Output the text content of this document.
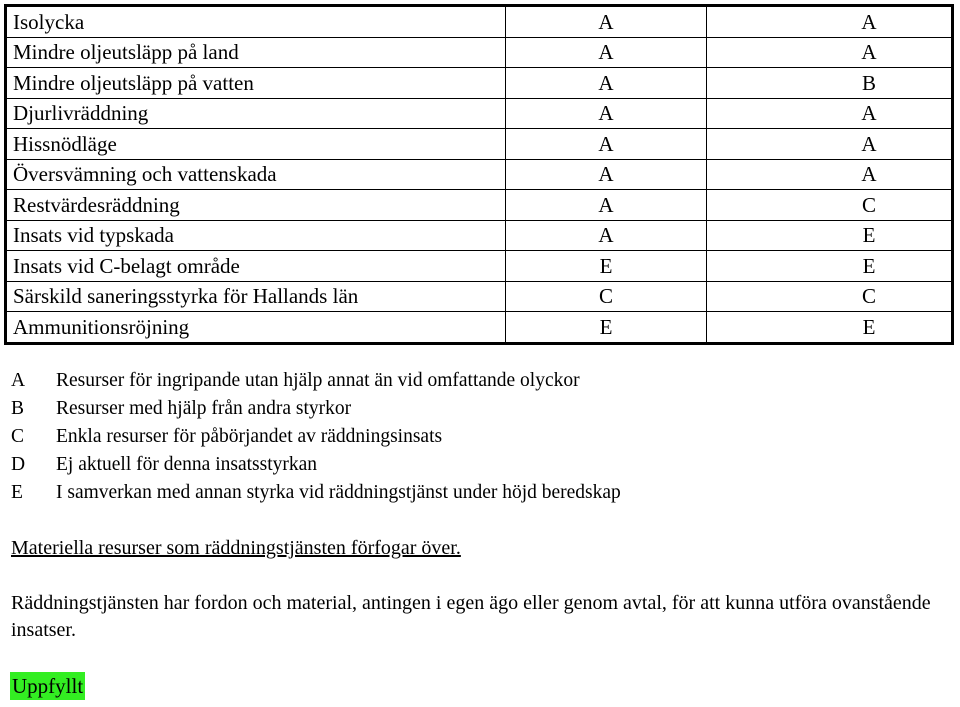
Isolycka	A	A
Mindre oljeutsläpp på land	A	A
Mindre oljeutsläpp på vatten	A	B
Djurlivräddning	A	A
Hissnödläge	A	A
Översvämning och vattenskada	A	A
Restvärdesräddning	A	C
Insats vid typskada	A	E
Insats vid C-belagt område	E	E
Särskild saneringsstyrka för Hallands län	C	C
Ammunitionsröjning	E	E
A	Resurser för ingripande utan hjälp annat än vid omfattande olyckor
B	Resurser med hjälp från andra styrkor
C	Enkla resurser för påbörjandet av räddningsinsats
D	Ej aktuell för denna insatsstyrkan
E	I samverkan med annan styrka vid räddningstjänst under höjd beredskap
Materiella resurser som räddningstjänsten förfogar över.
Räddningstjänsten har fordon och material, antingen i egen ägo eller genom avtal, för att kunna utföra ovanstående insatser.
Uppfyllt
